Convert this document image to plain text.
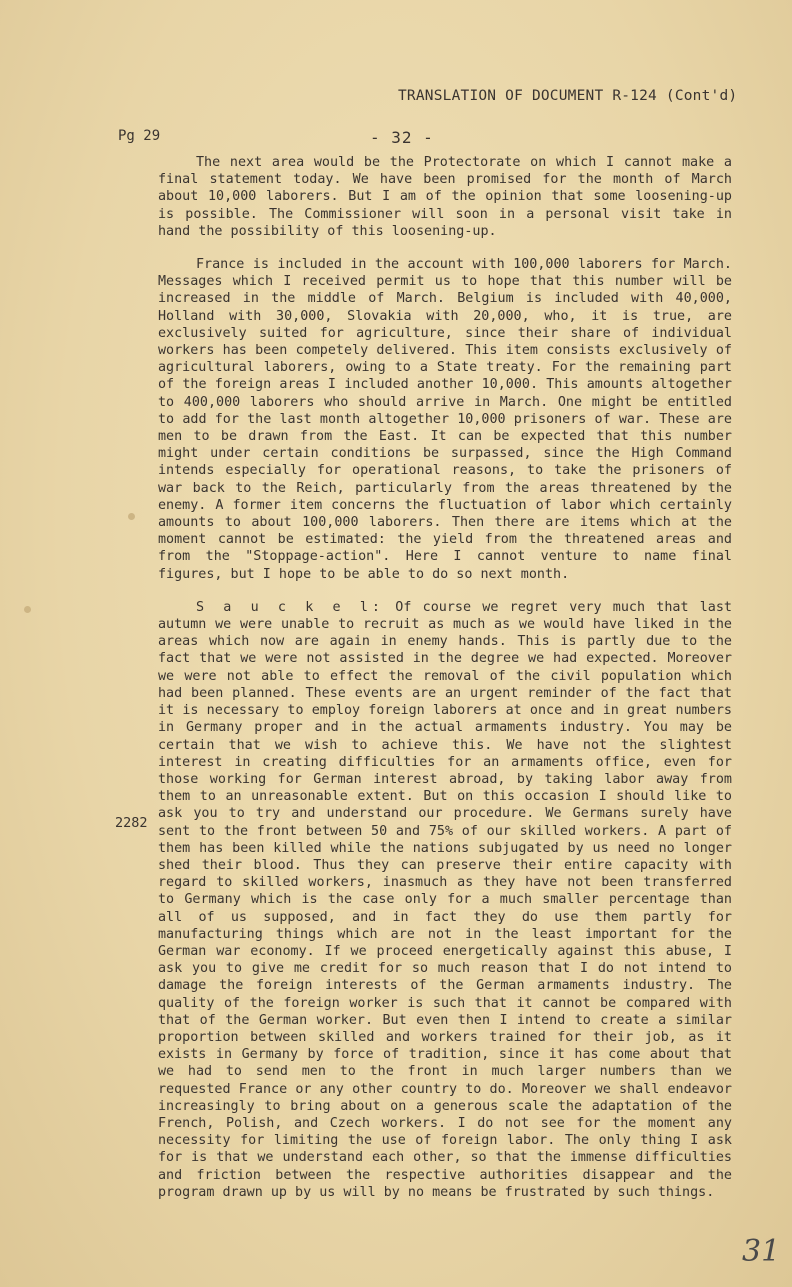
TRANSLATION OF DOCUMENT R-124 (Cont'd)
Pg 29	- 32 -
2282

The next area would be the Protectorate on which I cannot make a final statement today. We have been promised for the month of March about 10,000 laborers. But I am of the opinion that some loosening-up is possible. The Commissioner will soon in a personal visit take in hand the possibility of this loosening-up.

France is included in the account with 100,000 laborers for March. Messages which I received permit us to hope that this number will be increased in the middle of March. Belgium is included with 40,000, Holland with 30,000, Slovakia with 20,000, who, it is true, are exclusively suited for agriculture, since their share of individual workers has been competely delivered. This item consists exclusively of agricultural laborers, owing to a State treaty. For the remaining part of the foreign areas I included another 10,000. This amounts altogether to 400,000 laborers who should arrive in March. One might be entitled to add for the last month altogether 10,000 prisoners of war. These are men to be drawn from the East. It can be expected that this number might under certain conditions be surpassed, since the High Command intends especially for operational reasons, to take the prisoners of war back to the Reich, particularly from the areas threatened by the enemy. A former item concerns the fluctuation of labor which certainly amounts to about 100,000 laborers. Then there are items which at the moment cannot be estimated: the yield from the threatened areas and from the "Stoppage-action". Here I cannot venture to name final figures, but I hope to be able to do so next month.

S a u c k e l: Of course we regret very much that last autumn we were unable to recruit as much as we would have liked in the areas which now are again in enemy hands. This is partly due to the fact that we were not assisted in the degree we had expected. Moreover we were not able to effect the removal of the civil population which had been planned. These events are an urgent reminder of the fact that it is necessary to employ foreign laborers at once and in great numbers in Germany proper and in the actual armaments industry. You may be certain that we wish to achieve this. We have not the slightest interest in creating difficulties for an armaments office, even for those working for German interest abroad, by taking labor away from them to an unreasonable extent. But on this occasion I should like to ask you to try and understand our procedure. We Germans surely have sent to the front between 50 and 75% of our skilled workers. A part of them has been killed while the nations subjugated by us need no longer shed their blood. Thus they can preserve their entire capacity with regard to skilled workers, inasmuch as they have not been transferred to Germany which is the case only for a much smaller percentage than all of us supposed, and in fact they do use them partly for manufacturing things which are not in the least important for the German war economy. If we proceed energetically against this abuse, I ask you to give me credit for so much reason that I do not intend to damage the foreign interests of the German armaments industry. The quality of the foreign worker is such that it cannot be compared with that of the German worker. But even then I intend to create a similar proportion between skilled and workers trained for their job, as it exists in Germany by force of tradition, since it has come about that we had to send men to the front in much larger numbers than we requested France or any other country to do. Moreover we shall endeavor increasingly to bring about on a generous scale the adaptation of the French, Polish, and Czech workers. I do not see for the moment any necessity for limiting the use of foreign labor. The only thing I ask for is that we understand each other, so that the immense difficulties and friction between the respective authorities disappear and the program drawn up by us will by no means be frustrated by such things.

31
